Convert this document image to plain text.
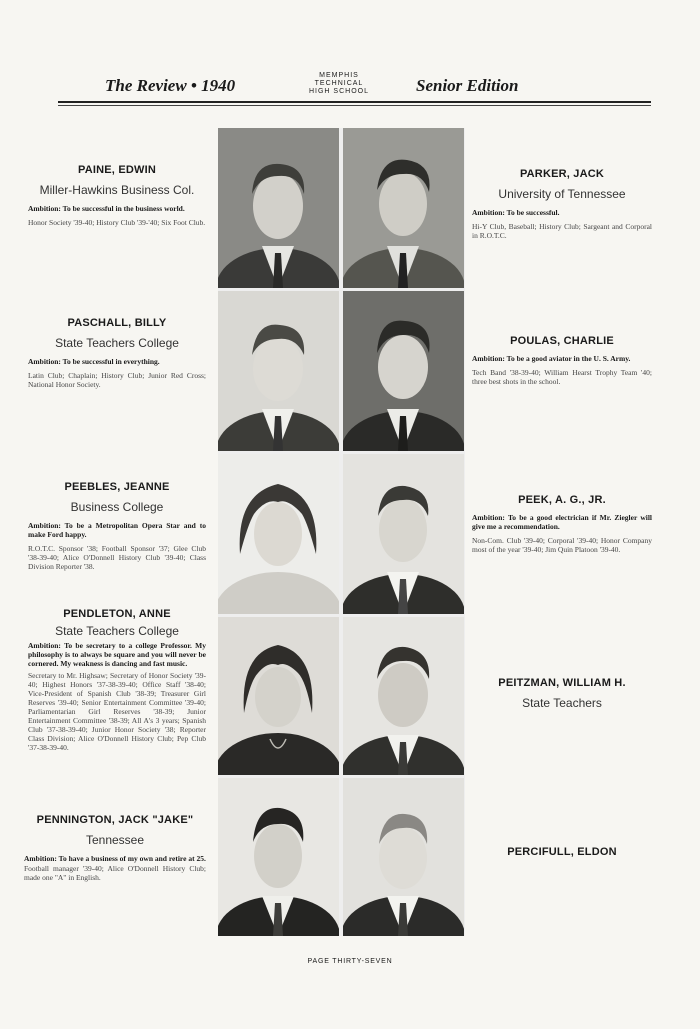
The Review • 1940
MEMPHIS
TECHNICAL
HIGH SCHOOL	Senior Edition
PAINE, EDWIN
Miller-Hawkins Business Col.
Ambition: To be successful in the business world.
Honor Society '39-40; History Club '39-'40; Six Foot Club.
PASCHALL, BILLY
State Teachers College
Ambition: To be successful in everything.
Latin Club; Chaplain; History Club; Junior Red Cross; National Honor Society.
PEEBLES, JEANNE
Business College
Ambition: To be a Metropolitan Opera Star and to make Ford happy.
R.O.T.C. Sponsor '38; Football Sponsor '37; Glee Club '38-39-40; Alice O'Donnell History Club '39-40; Class Division Reporter '38.
PENDLETON, ANNE
State Teachers College
Ambition: To be secretary to a college Professor. My philosophy is to always be square and you will never be cornered. My weakness is dancing and fast music.
Secretary to Mr. Highsaw; Secretary of Honor Society '39-40; Highest Honors '37-38-39-40; Office Staff '38-40; Vice-President of Spanish Club '38-39; Treasurer Girl Reserves '39-40; Senior Entertainment Committee '39-40; Parliamentarian Girl Reserves '38-39; Junior Entertainment Committee '38-39; All A's 3 years; Spanish Club '37-38-39-40; Junior Honor Society '38; Reporter Class Division; Alice O'Donnell History Club; Pep Club '37-38-39-40.
PENNINGTON, JACK "JAKE"
Tennessee
Ambition: To have a business of my own and retire at 25.
Football manager '39-40; Alice O'Donnell History Club; made one "A" in English.
PARKER, JACK
University of Tennessee
Ambition: To be successful.
Hi-Y Club, Baseball; History Club; Sargeant and Corporal in R.O.T.C.
POULAS, CHARLIE
Ambition: To be a good aviator in the U. S. Army.
Tech Band '38-39-40; William Hearst Trophy Team '40; three best shots in the school.
PEEK, A. G., JR.
Ambition: To be a good electrician if Mr. Ziegler will give me a recommendation.
Non-Com. Club '39-40; Corporal '39-40; Honor Company most of the year '39-40; Jim Quin Platoon '39-40.
PEITZMAN, WILLIAM H.
State Teachers
PERCIFULL, ELDON
PAGE THIRTY-SEVEN
